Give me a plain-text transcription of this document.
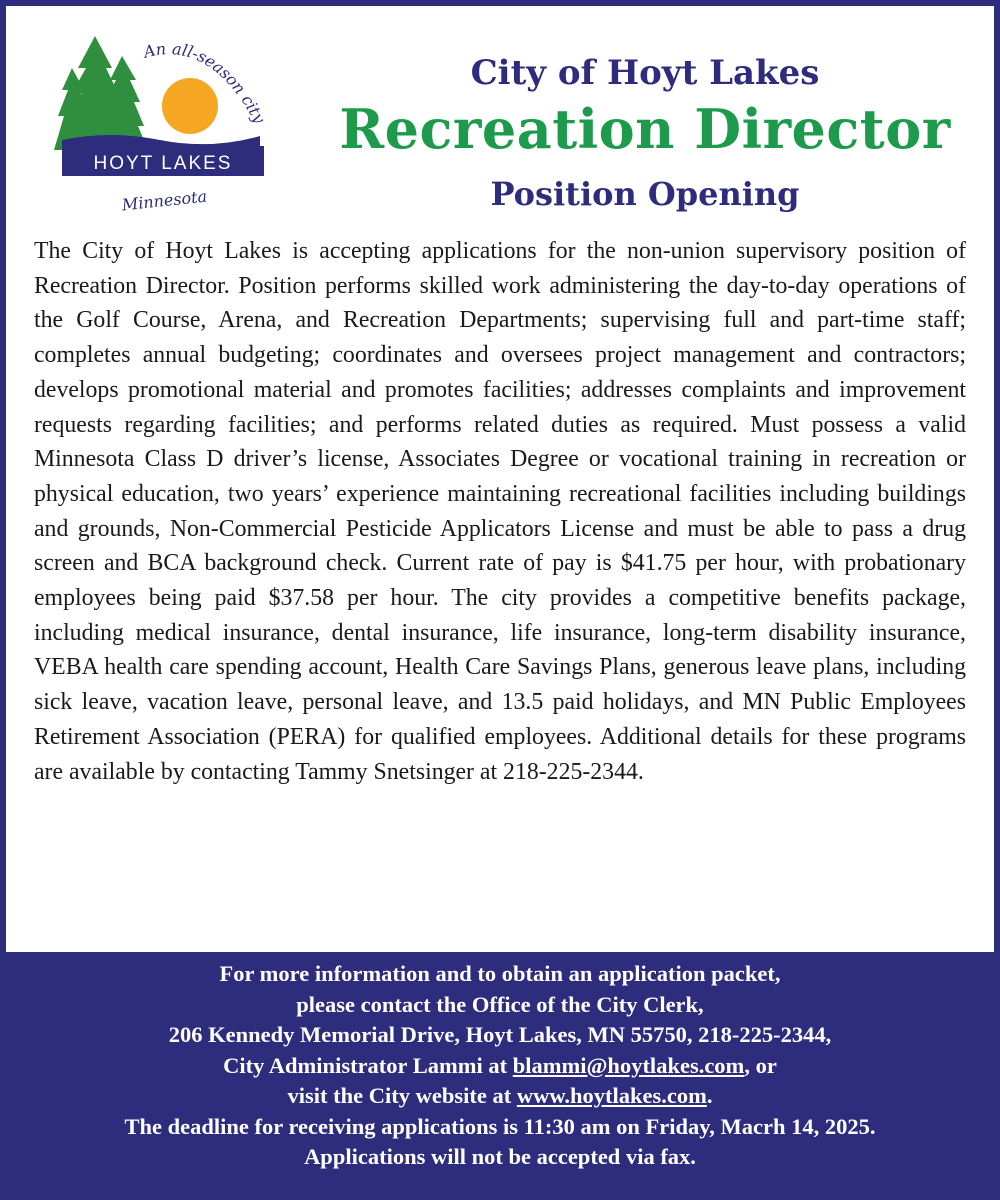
HOYT LAKES
An all-season city
Minnesota
City of Hoyt Lakes
Recreation Director
Position Opening

The City of Hoyt Lakes is accepting applications for the non-union supervisory position of Recreation Director. Position performs skilled work administering the day-to-day operations of the Golf Course, Arena, and Recreation Departments; supervising full and part-time staff; completes annual budgeting; coordinates and oversees project management and contractors; develops promotional material and promotes facilities; addresses complaints and improvement requests regarding facilities; and performs related duties as required. Must possess a valid Minnesota Class D driver’s license, Associates Degree or vocational training in recreation or physical education, two years’ experience maintaining recreational facilities including buildings and grounds, Non-Commercial Pesticide Applicators License and must be able to pass a drug screen and BCA background check. Current rate of pay is $41.75 per hour, with probationary employees being paid $37.58 per hour. The city provides a competitive benefits package, including medical insurance, dental insurance, life insurance, long-term disability insurance, VEBA health care spending account, Health Care Savings Plans, generous leave plans, including sick leave, vacation leave, personal leave, and 13.5 paid holidays, and MN Public Employees Retirement Association (PERA) for qualified employees. Additional details for these programs are available by contacting Tammy Snetsinger at 218-225-2344.

For more information and to obtain an application packet,
please contact the Office of the City Clerk,
206 Kennedy Memorial Drive, Hoyt Lakes, MN 55750, 218-225-2344,
City Administrator Lammi at blammi@hoytlakes.com, or
visit the City website at www.hoytlakes.com.
The deadline for receiving applications is 11:30 am on Friday, Macrh 14, 2025.
Applications will not be accepted via fax.
